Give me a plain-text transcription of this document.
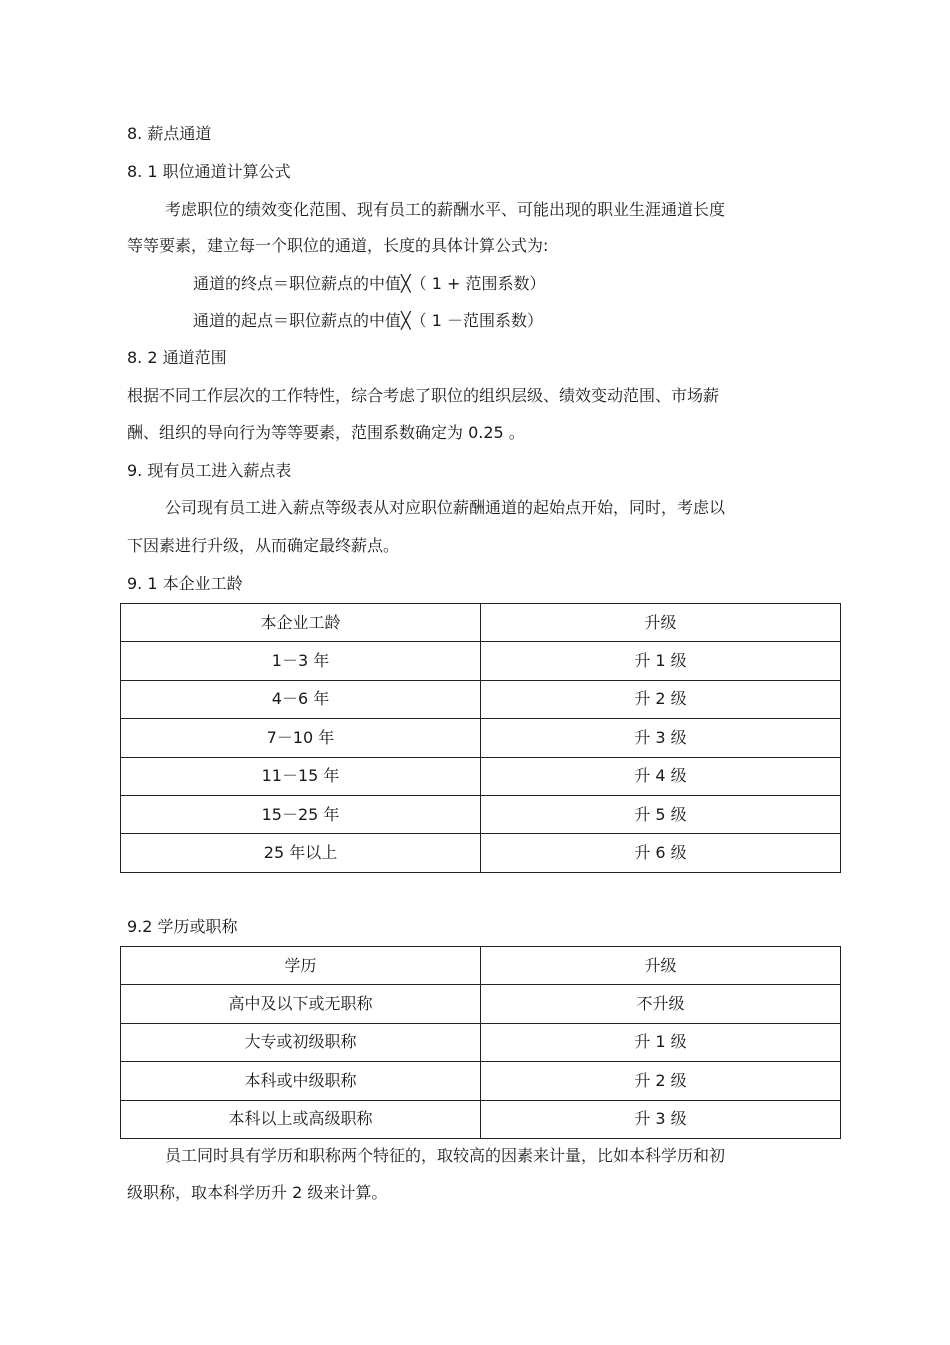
8. 薪点通道
8. 1 职位通道计算公式
考虑职位的绩效变化范围、现有员工的薪酬水平、可能出现的职业生涯通道长度
等等要素，建立每一个职位的通道，长度的具体计算公式为:
通道的终点＝职位薪点的中值╳（ 1 + 范围系数）
通道的起点＝职位薪点的中值╳（ 1 －范围系数）
8. 2 通道范围
根据不同工作层次的工作特性，综合考虑了职位的组织层级、绩效变动范围、市场薪
酬、组织的导向行为等等要素，范围系数确定为 0.25 。
9. 现有员工进入薪点表
公司现有员工进入薪点等级表从对应职位薪酬通道的起始点开始，同时，考虑以
下因素进行升级，从而确定最终薪点。
9. 1 本企业工龄
本企业工龄	升级
1－3 年	升 1 级
4－6 年	升 2 级
7－10 年	升 3 级
11－15 年	升 4 级
15－25 年	升 5 级
25 年以上	升 6 级
9.2 学历或职称
学历	升级
高中及以下或无职称	不升级
大专或初级职称	升 1 级
本科或中级职称	升 2 级
本科以上或高级职称	升 3 级
员工同时具有学历和职称两个特征的，取较高的因素来计量，比如本科学历和初
级职称，取本科学历升 2 级来计算。
